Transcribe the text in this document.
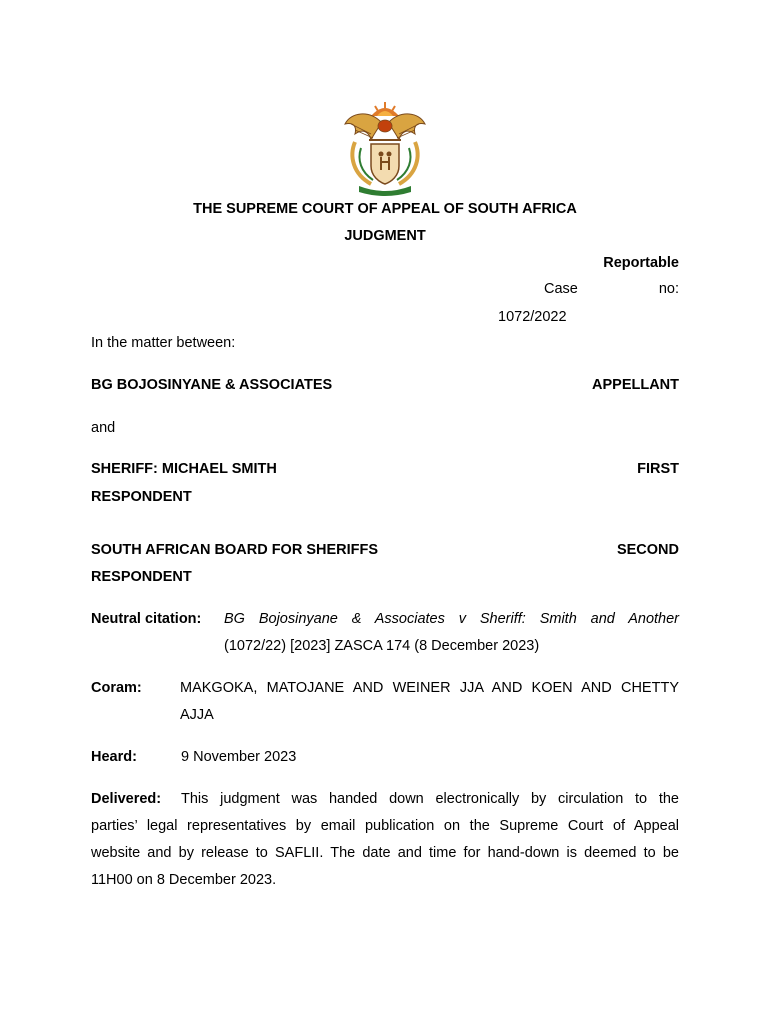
THE SUPREME COURT OF APPEAL OF SOUTH AFRICA
JUDGMENT
Reportable
Case	no:
1072/2022
In the matter between:
BG BOJOSINYANE & ASSOCIATES	APPELLANT
and
SHERIFF: MICHAEL SMITH	FIRST
RESPONDENT
SOUTH AFRICAN BOARD FOR SHERIFFS	SECOND
RESPONDENT
Neutral citation: BG Bojosinyane & Associates v Sheriff: Smith and Another
(1072/22) [2023] ZASCA 174 (8 December 2023)
Coram:	MAKGOKA, MATOJANE AND WEINER JJA AND KOEN AND CHETTY
AJJA
Heard:	9 November 2023
Delivered: This judgment was handed down electronically by circulation to the
parties’ legal representatives by email publication on the Supreme Court of Appeal
website and by release to SAFLII. The date and time for hand-down is deemed to be
11H00 on 8 December 2023.
